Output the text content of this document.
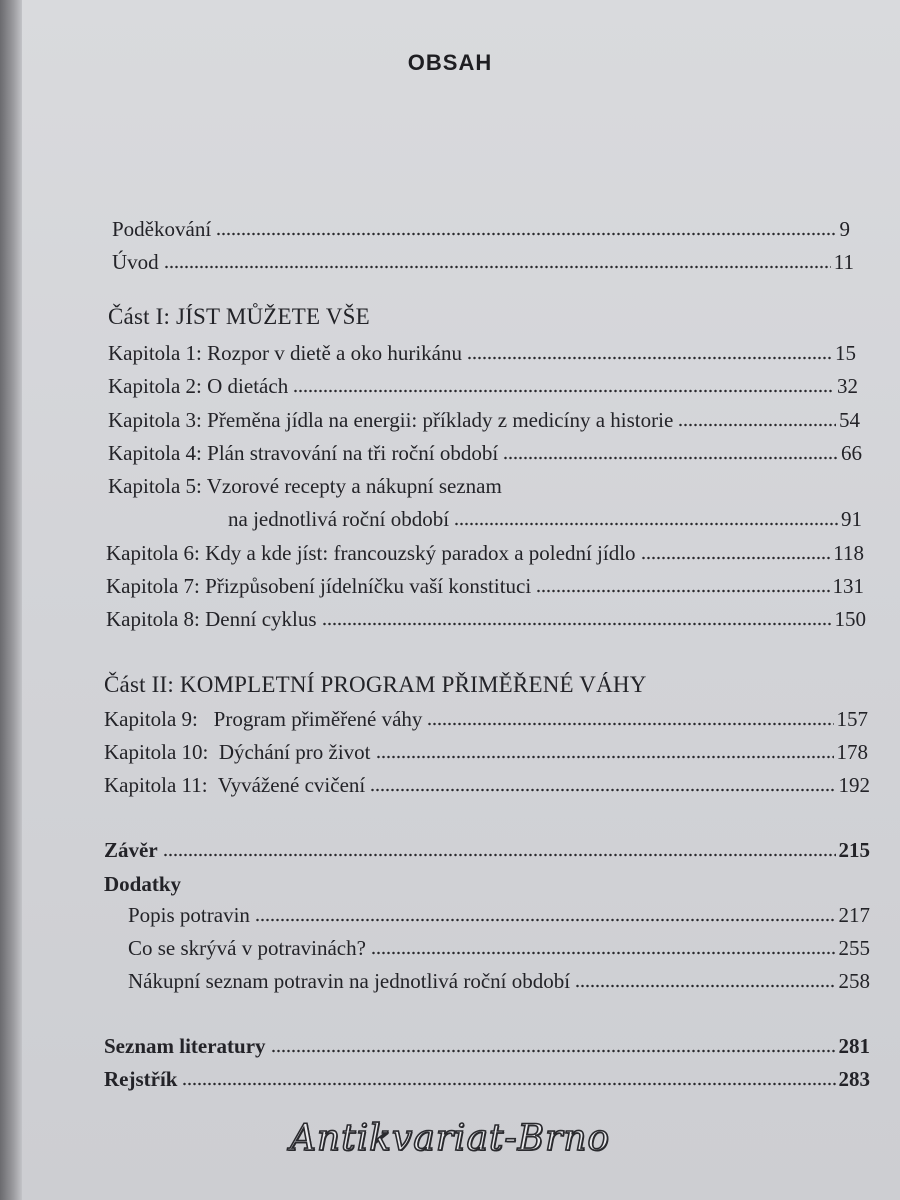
OBSAH
Poděkování	9
Úvod	11
Část I: JÍST MŮŽETE VŠE
Kapitola 1: Rozpor v dietě a oko hurikánu	15
Kapitola 2: O dietách	32
Kapitola 3: Přeměna jídla na energii: příklady z medicíny a historie	54
Kapitola 4: Plán stravování na tři roční období	66
Kapitola 5: Vzorové recepty a nákupní seznam
na jednotlivá roční období	91
Kapitola 6: Kdy a kde jíst: francouzský paradox a polední jídlo	118
Kapitola 7: Přizpůsobení jídelníčku vaší konstituci	131
Kapitola 8: Denní cyklus	150
Část II: KOMPLETNÍ PROGRAM PŘIMĚŘENÉ VÁHY
Kapitola 9:   Program přiměřené váhy	157
Kapitola 10:  Dýchání pro život	178
Kapitola 11:  Vyvážené cvičení	192
Závěr	215
Dodatky
Popis potravin	217
Co se skrývá v potravinách?	255
Nákupní seznam potravin na jednotlivá roční období	258
Seznam literatury	281
Rejstřík	283
Antikvariat-Brno
